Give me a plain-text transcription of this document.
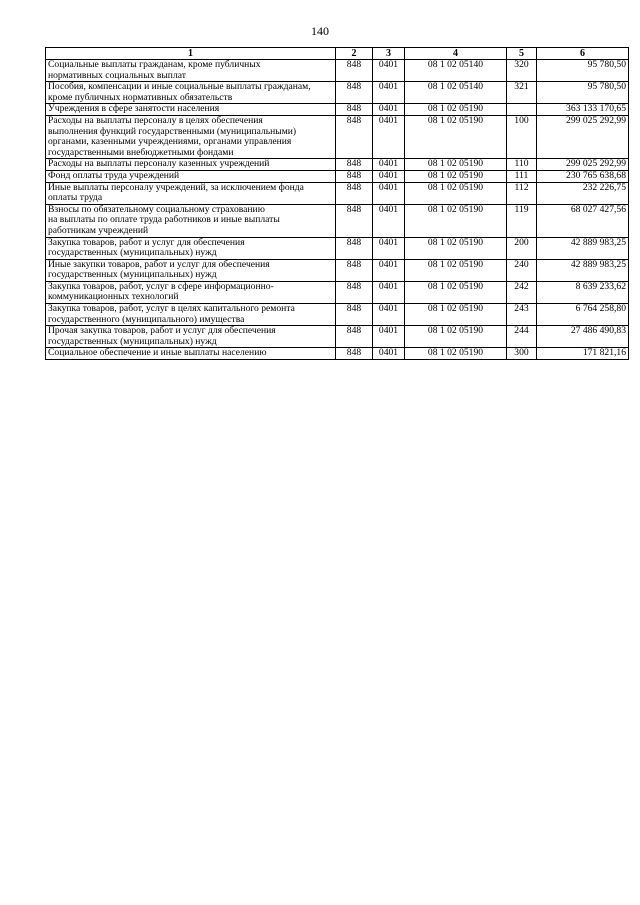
140
1	2	3	4	5	6

Социальные выплаты гражданам, кроме публичных
нормативных социальных выплат	848	0401	08 1 02 05140	320	95 780,50

Пособия, компенсации и иные социальные выплаты гражданам,
кроме публичных нормативных обязательств	848	0401	08 1 02 05140	321	95 780,50

Учреждения в сфере занятости населения	848	0401	08 1 02 05190		363 133 170,65

Расходы на выплаты персоналу в целях обеспечения
выполнения функций государственными (муниципальными)
органами, казенными учреждениями, органами управления
государственными внебюджетными фондами	848	0401	08 1 02 05190	100	299 025 292,99

Расходы на выплаты персоналу казенных учреждений	848	0401	08 1 02 05190	110	299 025 292,99

Фонд оплаты труда учреждений	848	0401	08 1 02 05190	111	230 765 638,68

Иные выплаты персоналу учреждений, за исключением фонда
оплаты труда	848	0401	08 1 02 05190	112	232 226,75

Взносы по обязательному социальному страхованию
на выплаты по оплате труда работников и иные выплаты
работникам учреждений	848	0401	08 1 02 05190	119	68 027 427,56

Закупка товаров, работ и услуг для обеспечения
государственных (муниципальных) нужд	848	0401	08 1 02 05190	200	42 889 983,25

Иные закупки товаров, работ и услуг для обеспечения
государственных (муниципальных) нужд	848	0401	08 1 02 05190	240	42 889 983,25

Закупка товаров, работ, услуг в сфере информационно-
коммуникационных технологий	848	0401	08 1 02 05190	242	8 639 233,62

Закупка товаров, работ, услуг в целях капитального ремонта
государственного (муниципального) имущества	848	0401	08 1 02 05190	243	6 764 258,80

Прочая закупка товаров, работ и услуг для обеспечения
государственных (муниципальных) нужд	848	0401	08 1 02 05190	244	27 486 490,83

Социальное обеспечение и иные выплаты населению	848	0401	08 1 02 05190	300	171 821,16
